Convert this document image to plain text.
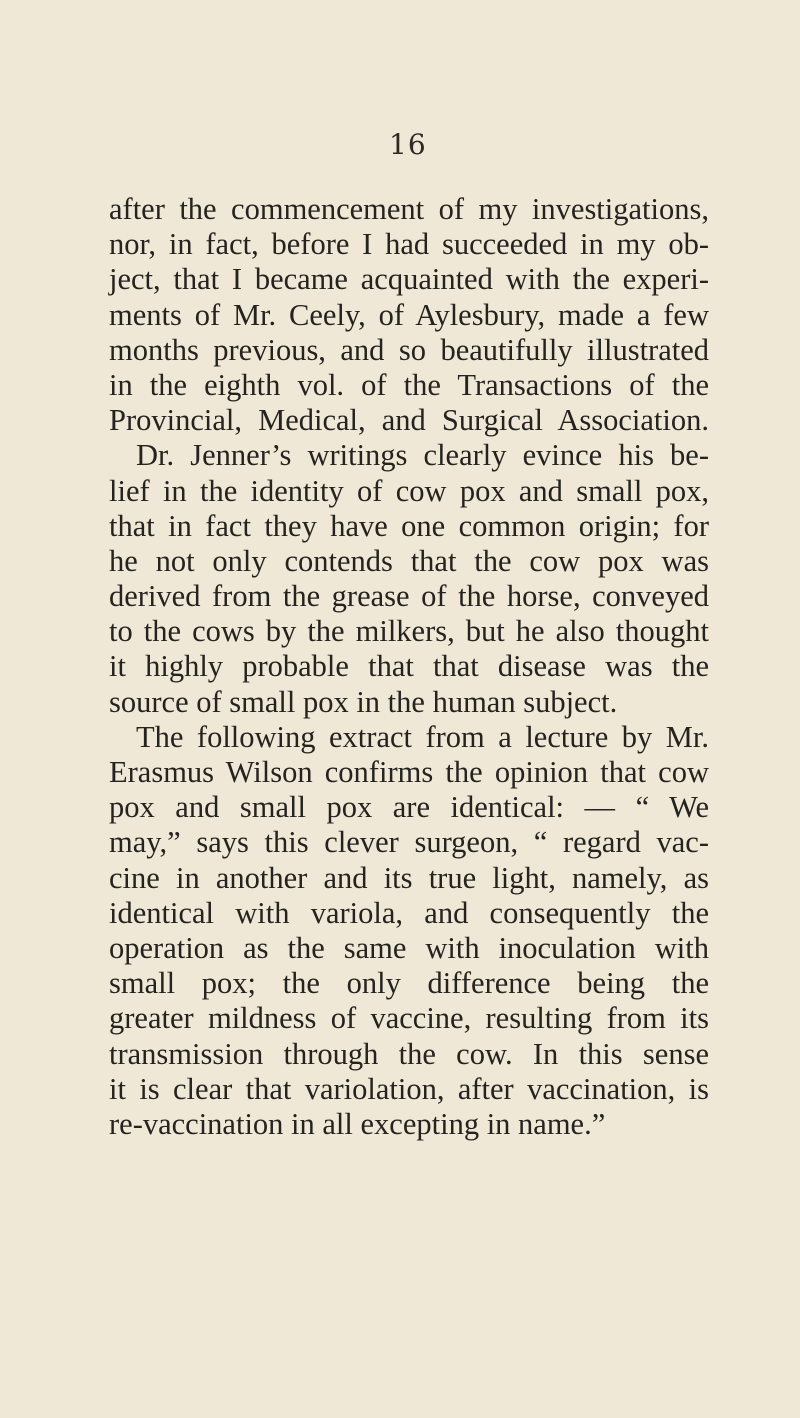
16
after the commencement of my investigations,
nor, in fact, before I had succeeded in my ob-
ject, that I became acquainted with the experi-
ments of Mr. Ceely, of Aylesbury, made a few
months previous, and so beautifully illustrated
in the eighth vol. of the Transactions of the
Provincial, Medical, and Surgical Association.
Dr. Jenner’s writings clearly evince his be-
lief in the identity of cow pox and small pox,
that in fact they have one common origin; for
he not only contends that the cow pox was
derived from the grease of the horse, conveyed
to the cows by the milkers, but he also thought
it highly probable that that disease was the
source of small pox in the human subject.
The following extract from a lecture by Mr.
Erasmus Wilson confirms the opinion that cow
pox and small pox are identical: — “ We
may,” says this clever surgeon, “ regard vac-
cine in another and its true light, namely, as
identical with variola, and consequently the
operation as the same with inoculation with
small pox; the only difference being the
greater mildness of vaccine, resulting from its
transmission through the cow. In this sense
it is clear that variolation, after vaccination, is
re-vaccination in all excepting in name.”
